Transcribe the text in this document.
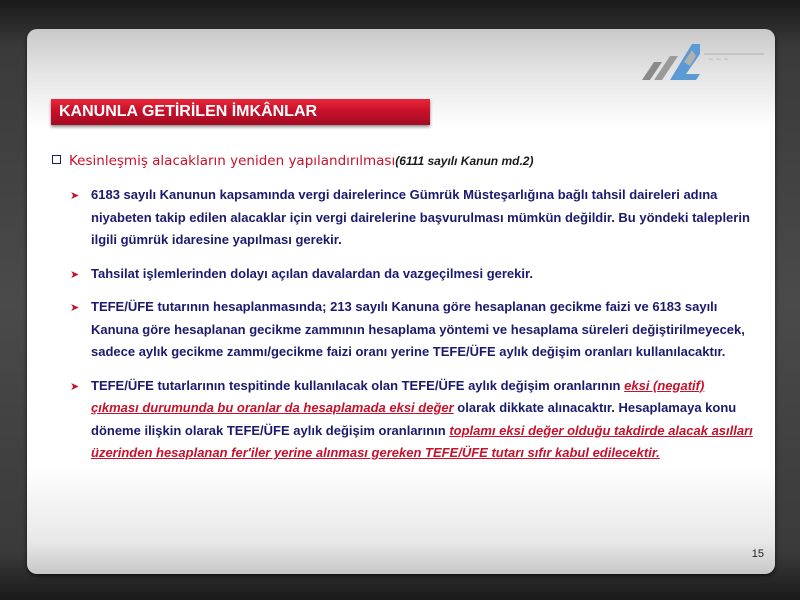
~ ~ ~
KANUNLA GETİRİLEN İMKÂNLAR
Kesinleşmiş alacakların yeniden yapılandırılması(6111 sayılı Kanun md.2)
➤ 6183 sayılı Kanunun kapsamında vergi dairelerince Gümrük Müsteşarlığına bağlı tahsil daireleri adına niyabeten takip edilen alacaklar için vergi dairelerine başvurulması mümkün değildir. Bu yöndeki taleplerin ilgili gümrük idaresine yapılması gerekir.
➤ Tahsilat işlemlerinden dolayı açılan davalardan da vazgeçilmesi gerekir.
➤ TEFE/ÜFE tutarının hesaplanmasında; 213 sayılı Kanuna göre hesaplanan gecikme faizi ve 6183 sayılı Kanuna göre hesaplanan gecikme zammının hesaplama yöntemi ve hesaplama süreleri değiştirilmeyecek, sadece aylık gecikme zammı/gecikme faizi oranı yerine TEFE/ÜFE aylık değişim oranları kullanılacaktır.
➤ TEFE/ÜFE tutarlarının tespitinde kullanılacak olan TEFE/ÜFE aylık değişim oranlarının eksi (negatif) çıkması durumunda bu oranlar da hesaplamada eksi değer olarak dikkate alınacaktır. Hesaplamaya konu döneme ilişkin olarak TEFE/ÜFE aylık değişim oranlarının toplamı eksi değer olduğu takdirde alacak asılları üzerinden hesaplanan fer'iler yerine alınması gereken TEFE/ÜFE tutarı sıfır kabul edilecektir.
15
